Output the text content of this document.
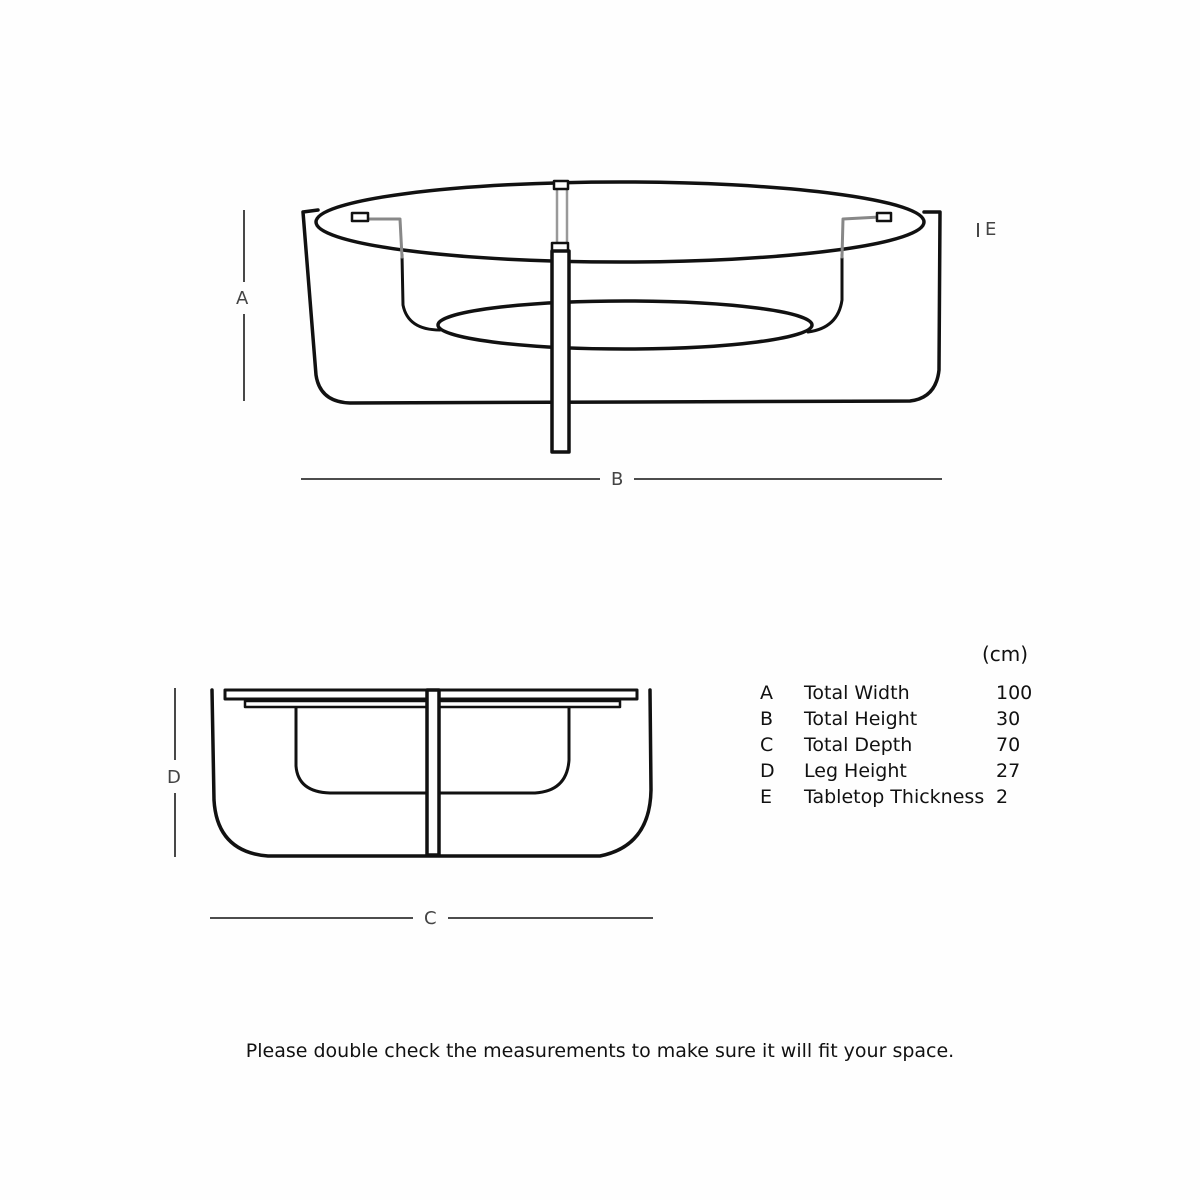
A
B
E
D
C
(cm)
A	Total Width	100
B	Total Height	30
C	Total Depth	70
D	Leg Height	27
E	Tabletop Thickness	2
Please double check the measurements to make sure it will fit your space.
